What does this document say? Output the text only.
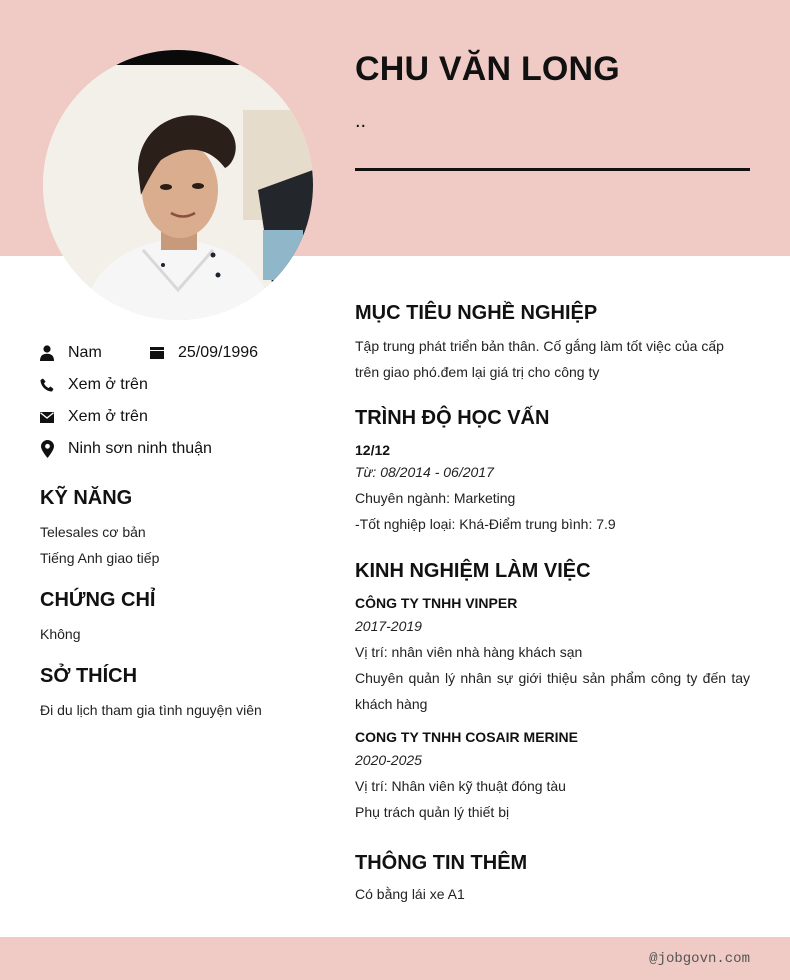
CHU VĂN LONG
..
Nam	25/09/1996
Xem ở trên
Xem ở trên
Ninh sơn ninh thuận
KỸ NĂNG
Telesales cơ bản
Tiếng Anh giao tiếp
CHỨNG CHỈ
Không
SỞ THÍCH
Đi du lịch tham gia tình nguyện viên
MỤC TIÊU NGHỀ NGHIỆP
Tập trung phát triển bản thân. Cố gắng làm tốt việc của cấp trên giao phó.đem lại giá trị cho công ty
TRÌNH ĐỘ HỌC VẤN
12/12
Từ: 08/2014 - 06/2017
Chuyên ngành: Marketing
-Tốt nghiệp loại: Khá-Điểm trung bình: 7.9
KINH NGHIỆM LÀM VIỆC
CÔNG TY TNHH VINPER
2017-2019
Vị trí: nhân viên nhà hàng khách sạn
Chuyên quản lý nhân sự giới thiệu sản phẩm công ty đến tay khách hàng
CONG TY TNHH COSAIR MERINE
2020-2025
Vị trí: Nhân viên kỹ thuật đóng tàu
Phụ trách quản lý thiết bị
THÔNG TIN THÊM
Có bằng lái xe A1
@jobgovn.com
